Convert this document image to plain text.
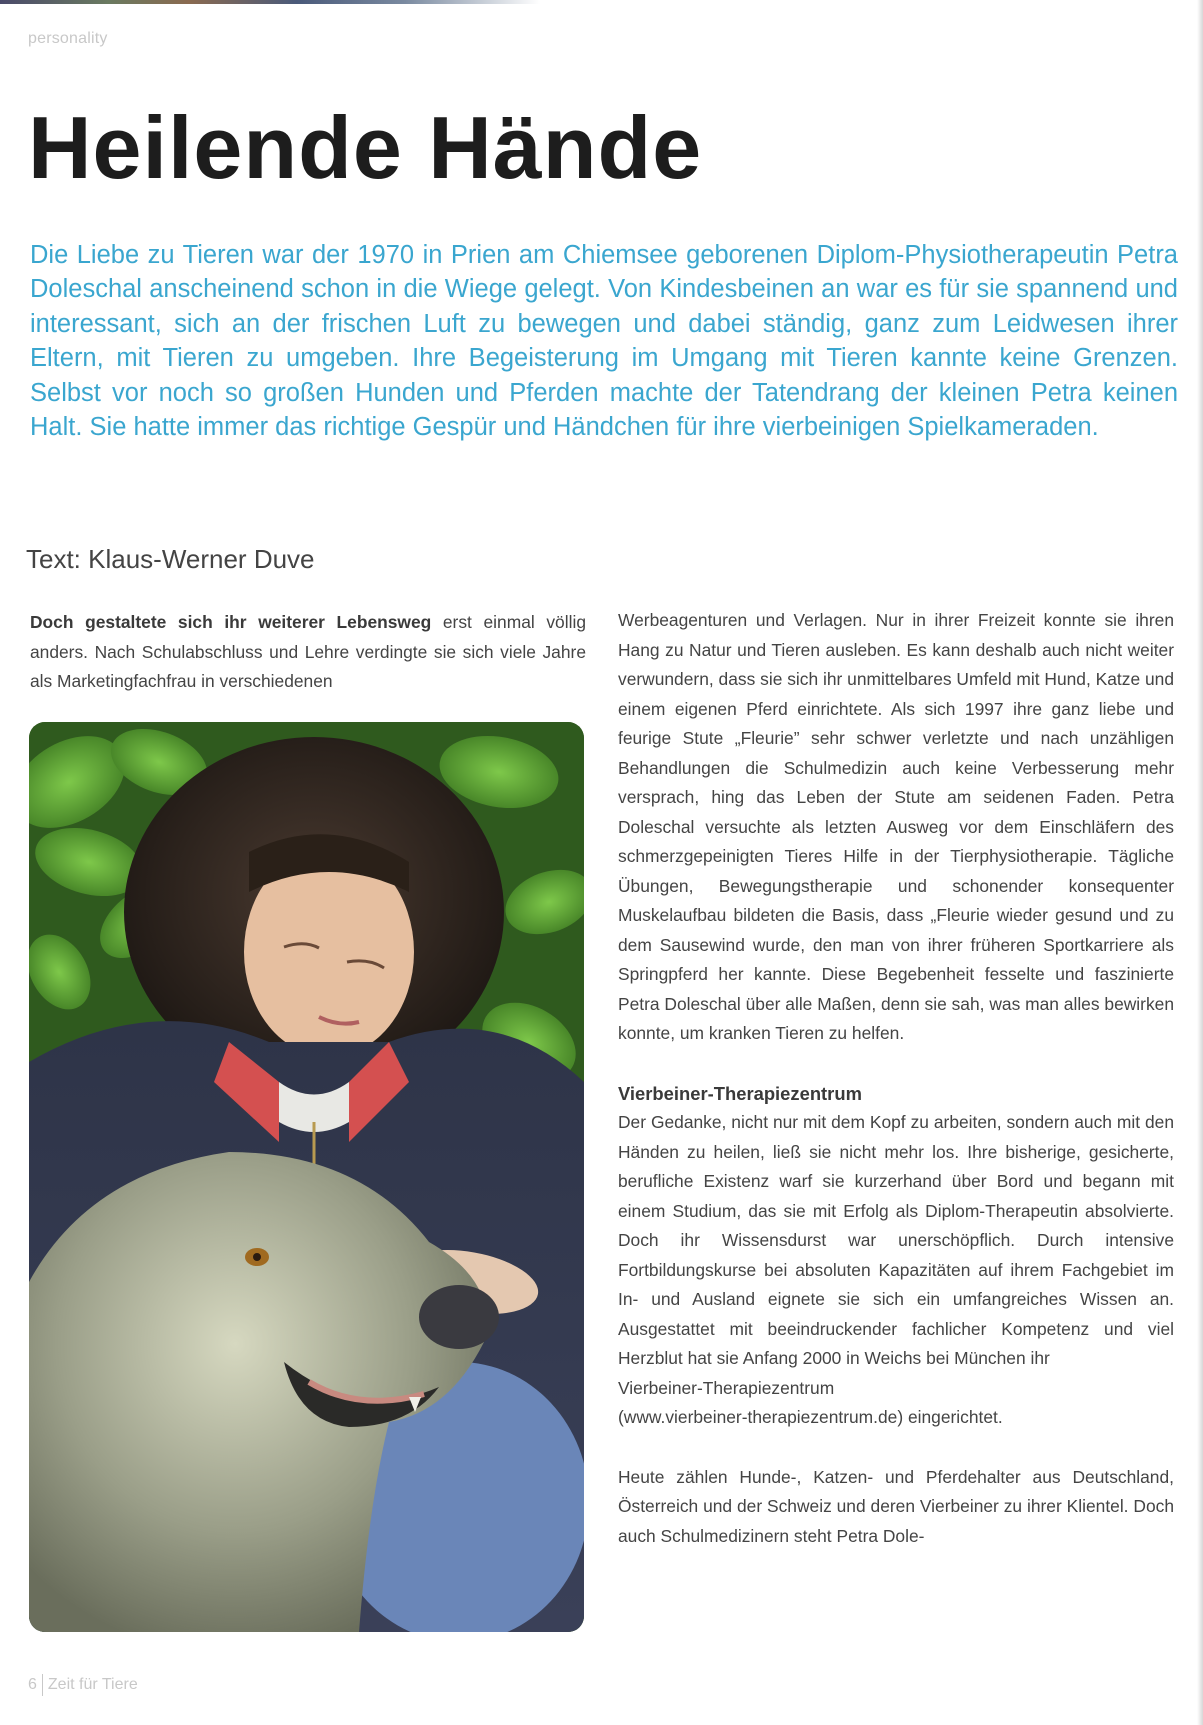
personality
Heilende Hände

Die Liebe zu Tieren war der 1970 in Prien am Chiemsee geborenen Diplom-Physiotherapeutin Petra Doleschal anscheinend schon in die Wiege gelegt. Von Kindesbeinen an war es für sie spannend und interessant, sich an der frischen Luft zu bewegen und dabei ständig, ganz zum Leidwesen ihrer Eltern, mit Tieren zu umgeben. Ihre Begeisterung im Umgang mit Tieren kannte keine Grenzen. Selbst vor noch so großen Hunden und Pferden machte der Tatendrang der kleinen Petra keinen Halt. Sie hatte immer das richtige Gespür und Händchen für ihre vierbeinigen Spielkameraden.

Text: Klaus-Werner Duve

Doch gestaltete sich ihr weiterer Lebensweg erst einmal völlig anders. Nach Schulabschluss und Lehre verdingte sie sich viele Jahre als Marketingfachfrau in verschiedenen

Werbeagenturen und Verlagen. Nur in ihrer Freizeit konnte sie ihren Hang zu Natur und Tieren ausleben. Es kann deshalb auch nicht weiter verwundern, dass sie sich ihr unmittelbares Umfeld mit Hund, Katze und einem eigenen Pferd einrichtete. Als sich 1997 ihre ganz liebe und feurige Stute „Fleurie” sehr schwer verletzte und nach unzähligen Behandlungen die Schulmedizin auch keine Verbesserung mehr versprach, hing das Leben der Stute am seidenen Faden. Petra Doleschal versuchte als letzten Ausweg vor dem Einschläfern des schmerzgepeinigten Tieres Hilfe in der Tierphysiotherapie. Tägliche Übungen, Bewegungstherapie und schonender konsequenter Muskelaufbau bildeten die Basis, dass „Fleurie wieder gesund und zu dem Sausewind wurde, den man von ihrer früheren Sportkarriere als Springpferd her kannte. Diese Begebenheit fesselte und faszinierte Petra Doleschal über alle Maßen, denn sie sah, was man alles bewirken konnte, um kranken Tieren zu helfen.

Vierbeiner-Therapiezentrum

Der Gedanke, nicht nur mit dem Kopf zu arbeiten, sondern auch mit den Händen zu heilen, ließ sie nicht mehr los. Ihre bisherige, gesicherte, berufliche Existenz warf sie kurzerhand über Bord und begann mit einem Studium, das sie mit Erfolg als Diplom-Therapeutin absolvierte. Doch ihr Wissensdurst war unerschöpflich. Durch intensive Fortbildungskurse bei absoluten Kapazitäten auf ihrem Fachgebiet im In- und Ausland eignete sie sich ein umfangreiches Wissen an. Ausgestattet mit beeindruckender fachlicher Kompetenz und viel Herzblut hat sie Anfang 2000 in Weichs bei München ihr

Vierbeiner-Therapiezentrum

(www.vierbeiner-therapiezentrum.de) eingerichtet.

Heute zählen Hunde-, Katzen- und Pferdehalter aus Deutschland, Österreich und der Schweiz und deren Vierbeiner zu ihrer Klientel. Doch auch Schulmedizinern steht Petra Dole-

6 Zeit für Tiere
